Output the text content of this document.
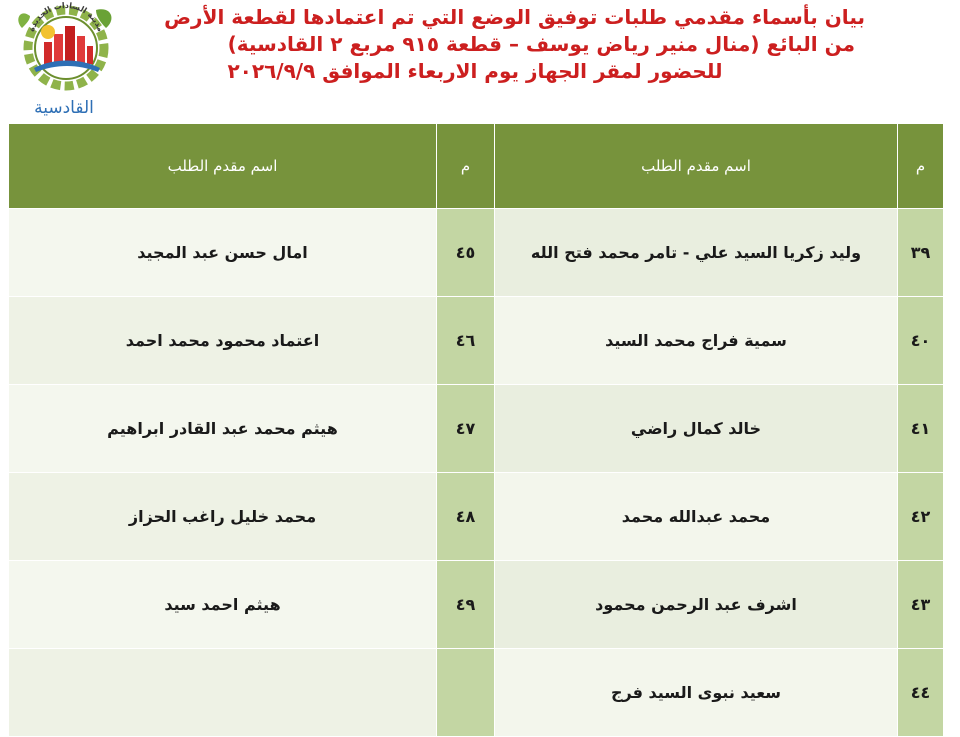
بيان بأسماء مقدمي طلبات توفيق الوضع التي تم اعتمادها لقطعة الأرض
من البائع (منال منير رياض يوسف – قطعة ٩١٥ مربع ٢ القادسية)
للحضور لمقر الجهاز يوم الاربعاء الموافق ٢٠٢٦/٩/٩
مدينة السادات الجديدة
القادسية
م	اسم مقدم الطلب	م	اسم مقدم الطلب
٣٩	وليد زكريا السيد علي - تامر محمد فتح الله	٤٥	امال حسن عبد المجيد
٤٠	سمية فراج محمد السيد	٤٦	اعتماد محمود محمد احمد
٤١	خالد كمال راضي	٤٧	هيثم محمد عبد القادر ابراهيم
٤٢	محمد عبدالله محمد	٤٨	محمد خليل راغب الحزاز
٤٣	اشرف عبد الرحمن محمود	٤٩	هيثم احمد سيد
٤٤	سعيد نبوى السيد فرج		
